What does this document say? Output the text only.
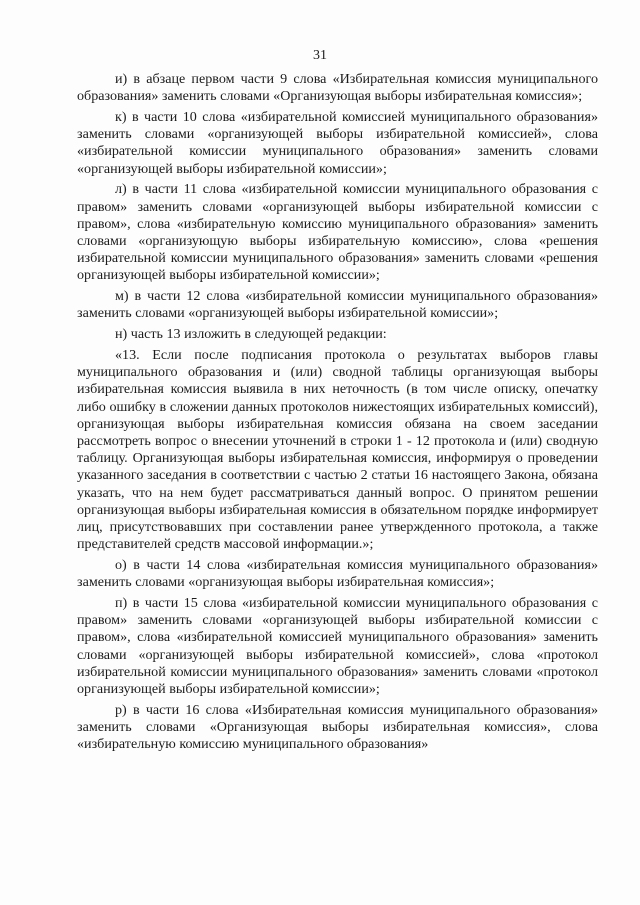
31

и) в абзаце первом части 9 слова «Избирательная комиссия муниципального образования» заменить словами «Организующая выборы избирательная комиссия»;

к) в части 10 слова «избирательной комиссией муниципального образования» заменить словами «организующей выборы избирательной комиссией», слова «избирательной комиссии муниципального образования» заменить словами «организующей выборы избирательной комиссии»;

л) в части 11 слова «избирательной комиссии муниципального образования с правом» заменить словами «организующей выборы избирательной комиссии с правом», слова «избирательную комиссию муниципального образования» заменить словами «организующую выборы избирательную комиссию», слова «решения избирательной комиссии муниципального образования» заменить словами «решения организующей выборы избирательной комиссии»;

м) в части 12 слова «избирательной комиссии муниципального образования» заменить словами «организующей выборы избирательной комиссии»;

н) часть 13 изложить в следующей редакции:

«13. Если после подписания протокола о результатах выборов главы муниципального образования и (или) сводной таблицы организующая выборы избирательная комиссия выявила в них неточность (в том числе описку, опечатку либо ошибку в сложении данных протоколов нижестоящих избирательных комиссий), организующая выборы избирательная комиссия обязана на своем заседании рассмотреть вопрос о внесении уточнений в строки 1 - 12 протокола и (или) сводную таблицу. Организующая выборы избирательная комиссия, информируя о проведении указанного заседания в соответствии с частью 2 статьи 16 настоящего Закона, обязана указать, что на нем будет рассматриваться данный вопрос. О принятом решении организующая выборы избирательная комиссия в обязательном порядке информирует лиц, присутствовавших при составлении ранее утвержденного протокола, а также представителей средств массовой информации.»;

о) в части 14 слова «избирательная комиссия муниципального образования» заменить словами «организующая выборы избирательная комиссия»;

п) в части 15 слова «избирательной комиссии муниципального образования с правом» заменить словами «организующей выборы избирательной комиссии с правом», слова «избирательной комиссией муниципального образования» заменить словами «организующей выборы избирательной комиссией», слова «протокол избирательной комиссии муниципального образования» заменить словами «протокол организующей выборы избирательной комиссии»;

р) в части 16 слова «Избирательная комиссия муниципального образования» заменить словами «Организующая выборы избирательная комиссия», слова «избирательную комиссию муниципального образования»
